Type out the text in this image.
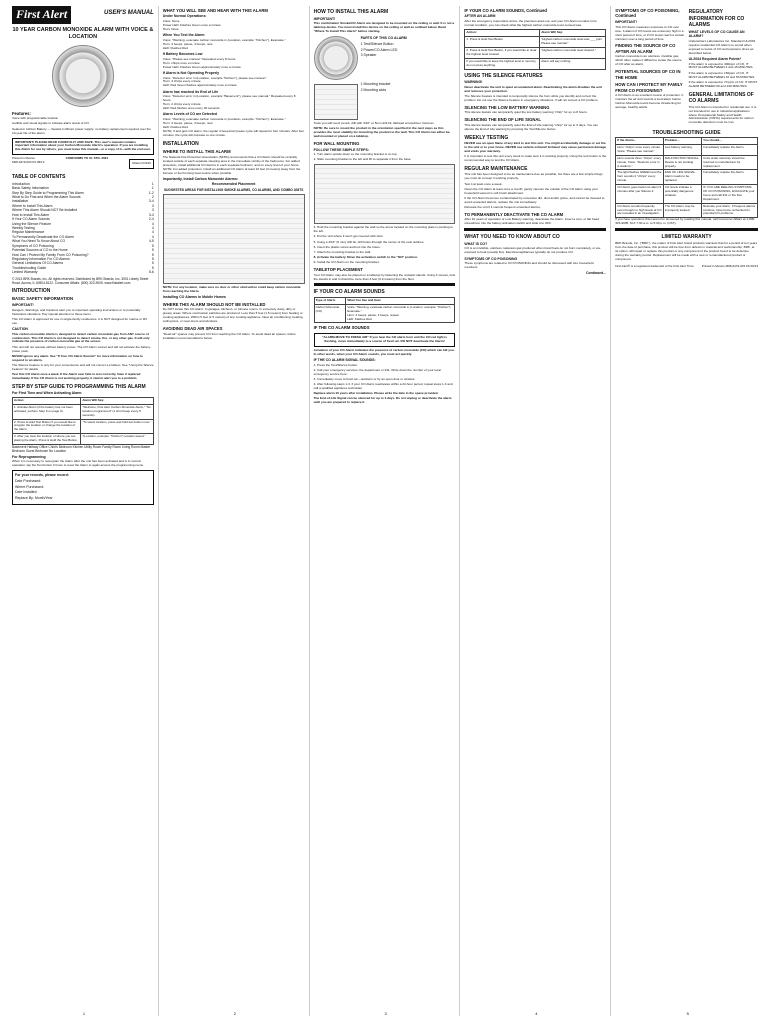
First Alert	USER'S MANUAL
10 YEAR CARBON MONOXIDE ALARM WITH VOICE & LOCATION
Features:

Voice with programmable location

Audible and visual signals to indicate alarm levels of CO

Sealed-in Lithium Battery — Sealed-in lithium power supply; no battery replacement required over the 10-year life of the alarm.

IMPORTANT! PLEASE READ CAREFULLY AND SAVE. This user's manual contains important information about your Carbon Monoxide Alarm's operation. If you are installing this Alarm for use by others, you must leave this manual—or a copy of it—with the end user.
Printed in Mexico
M08-0479-003 K6 09/13
CONFORMS TO UL STD. 2034
Model CO910
TABLE OF CONTENTS
Introduction	1
Basic Safety Information	1
Step By Step Guide to Programming This Alarm	1-2
What to Do First and When the Alarm Sounds	2
Installation	3-4
Where to Install This Alarm	3
Where This Alarm Should NOT Be Installed	3
How to Install This Alarm	3-4
If Your CO Alarm Sounds	2-4
Using the Silence Feature	4
Weekly Testing	4
Regular Maintenance	4
To Permanently Deactivate the CO Alarm	4
What You Need To Know About CO	4-5
Symptoms of CO Poisoning	5
Potential Sources of CO in the Home	5
How Can I Protect My Family From CO Poisoning?	5
Regulatory Information For CO Alarms	5
General Limitations Of CO Alarms	5
Troubleshooting Guide	5
Limited Warranty	5-6

© 2013 BRK Brands, Inc. All rights reserved. Distributed by BRK Brands, Inc. 3901 Liberty Street Road, Aurora, IL 60504-8122. Consumer Affairs: (800) 323-9005. www.firstalert.com

INTRODUCTION
BASIC SAFETY INFORMATION

IMPORTANT!

Dangers, Warnings, and Cautions alert you to important operating instructions or to potentially hazardous situations. Pay special attention to these items.

This CO Alarm is approved for use in single-family residences. It is NOT designed for marine or RV use.

CAUTION

This carbon monoxide Alarm is designed to detect carbon monoxide gas from ANY source of combustion. This CO Alarm is not designed to detect smoke, fire, or any other gas. It will only indicate the presence of carbon monoxide gas at the sensor.

This unit will not operate without battery power. The CO Alarm cannot and will not activate the battery-power pack.

NEVER ignore any alarm. See "If Your CO Alarm Sounds" for more information on how to respond to an alarm.

The Silence Feature is only for your convenience and will not correct a problem. See "Using the Silence Feature" for details.

Test this CO Alarm once a week. If the Alarm ever fails to test correctly, have it replaced immediately. If the CO Alarm is not working properly, it cannot alert you to a problem.

STEP BY STEP GUIDE TO PROGRAMMING THIS ALARM

For First Time and When Activating Alarm

Action:	Alarm Will Say:
1. Activate Alarm (if the battery has not been activated, perform Step 6 on page 3).	"Welcome, First Alert Carbon Monoxide Alarm." "No location programmed" (1 short beep every 5 seconds)
2. Press & Hold Test Button if you would like to program the location or change the location of the Alarm.	"To select location, press and hold test button now."
3. After you hear the location of where you are placing the Alarm, Press & Hold the Test Button.	"(Location, example: "Kitchen") location saved."

Basement Hallway Office Child's Bedroom Kitchen Utility Room Family Room Living Room Master Bedroom Guest Bedroom No Location

For Reprogramming

When it is necessary to reprogram the Alarm after the unit has been activated and is in normal operation: tap the Test button 3 times to reset the Alarm to again access the programming menu.

For your records, please record:

Date Purchased:

Where Purchased:

Date Installed:

Replace By: Month/Year

1
WHAT YOU WILL SEE AND HEAR WITH THIS ALARM

Under Normal Operations:

Voice: None
Power LED: Flashes Green once a minute
Horn: None

When You Test the Alarm

Voice: "Warning, evacuate carbon monoxide in (Location, example: "Kitchen"). Evacuate."
Horn: 4 beeps, pause, 4 beeps, now
LED: Flashes Red

If Battery Becomes Low

Voice: "Please see manual." Repeated every 8 hours.
Horn: chirps once a minute
Power LED: Flashes Green approximately once a minute

If Alarm is Not Operating Properly

Voice: "Detector error in (Location, example "Kitchen"), please see manual."
Horn: 3 chirps every minute
LED: Red Green flashes approximately once a minute

Alarm has reached its End of Life

Voice: "Detector error in (Location, example "Basement"), please see manual." Repeated every 8 hours.
Horn: 2 chirps every minute
LED: Red flashes once every 30 seconds

Alarm Levels of CO are Detected

Voice: "Warning, evacuate carbon monoxide in (Location, example: "Kitchen"). Evacuate."
Horn: 4 beeps, pause, 4 beeps, now
LED: Flashes Red
NOTE: If and gets CO alarm, the regular 4 beep-brief pause cycle will repeat for four minutes. After four minutes, the cycle will increase to one minute.

INSTALLATION
WHERE TO INSTALL THIS ALARM

The National Fire Protection Association (NFPA) recommends that a CO Alarm should be centrally located outside of each separate sleeping area in the immediate vicinity of the bedrooms. For added protection, install additional CO Alarms in each separate bedroom, and on every level of your home.
NOTE: For added protection, install an additional CO Alarm at least 10 feet (3 meters) away from the furnace or fuel burning heat source when possible.

Importantly, Install Carbon Monoxide Alarms:

Recommended Placement

SUGGESTED AREAS FOR INSTALLING SMOKE ALARMS, CO ALARMS, AND COMBO UNITS

NOTE: For any location, make sure no door or other obstruction could keep carbon monoxide from reaching the Alarm.

Installing CO Alarms in Mobile Homes

WHERE THIS ALARM SHOULD NOT BE INSTALLED

Do NOT locate this CO Alarm: In garages, kitchens, or furnace rooms. In extremely dusty, dirty or greasy areas. Where combustion particles are produced. Less than 5 feet (1.5 meters) from heating or cooking appliances. Within 5 feet (1.5 meters) of any cooking appliance. Near air conditioning, heating, ceiling fans, or near doors and windows.

AVOIDING DEAD AIR SPACES

"Dead air" spaces may prevent CO from reaching the CO Alarm. To avoid dead air spaces, follow installation recommendations below.

2
HOW TO INSTALL THIS ALARM

IMPORTANT!

This combination Smoke/CO Alarm are designed to be mounted on the ceiling or wall. It is not a tabletop device. You must install this device on the ceiling or wall as outlined below. Read "Where To Install This Alarm" before starting.

PARTS OF THIS CO ALARM

1 Test/Silence Button

2 Power/CO Alarm LED

3 Speaker

1 Mounting bracket

2 Mounting slots

Tools you will need: pencil, drill with 3/16" or 5mm drill bit, flathead screwdriver, hammer.

NOTE: Be sure to mount the product in the orientation specified in the next steps as this provides the most stability for mounting the product to the wall. This CO Alarm can either be wall mounted or placed on a tabletop.

FOR WALL MOUNTING

FOLLOW THESE SIMPLE STEPS:

1. Turn alarm upside down so the mounting bracket is on top.

2. Slide mounting bracket to the left and lift to separate it from the base.

3. Hold the mounting bracket against the wall so the arrow located on the mounting plate is pointing to the left.

4. Put the unit where it won't get covered with dust.

5. Using a 3/16" (5 mm) drill bit, drill holes through the center of the oval outlines.

6. Insert the plastic screw anchors into the holes.

7. Attach the mounting bracket to the wall.

8. Activate the battery. Move the activation switch to the "ON" position.

9. Install the CO Alarm on the mounting bracket.

TABLETOP PLACEMENT

Your CO Alarm may also be placed on a tabletop by fastening the 4 plastic stands. Using 4 screws, lock the stands in and it should be more than 3 feet (0.9 meters) from the floor.

IF YOUR CO ALARM SOUNDS
Type of Alarm	What You See and Hear
Carbon Monoxide (CO)	Voice: "Warning, evacuate carbon monoxide in (Location, example: "Kitchen"). Evacuate."
Horn: 4 beeps, pause, 4 beeps, repeat.
LED: Flashes Red
IF THE CO ALARM SOUNDS
"ALARM-MOVE TO FRESH AIR" If you hear the CO alarm horn and the CO red light is flashing, move immediately to a source of fresh air. DO NOT deactivate the Alarm!

Actuation of your CO Alarm indicates the presence of carbon monoxide (CO) which can kill you. In other words, when your CO Alarm sounds, you must act quickly.

IF THE CO ALARM SIGNAL SOUNDS:

1. Press the Test/Silence button.

2. Call your emergency services, fire department or 911. Write down the number of your local emergency service here:

3. Immediately move to fresh air—outdoors or by an open door or window.

4. After following steps 1-3, if your CO Alarm reactivates within a 24-hour period, repeat steps 1-3 and call a qualified appliance technician.

Replace alarm 10 years after installation. Please write the date in the space provided.

The End-of-Life Signal can be silenced for up to 3 days. Do not unplug or deactivate the alarm until you are prepared to replace it.

3
IF YOUR CO ALARM SOUNDS, Continued

AFTER AN ALARM

After the emergency responders arrive, the premises aired out, and your CO Alarm remains in its normal condition, you can check what the highest carbon monoxide level sensed was.

Action:	Alarm Will Say:
1. Press & Hold Test Button	"Highest carbon monoxide level was ___ ppm. Please see manual."
2. Press & Hold Test Button, if you would like to clear the highest level instead.	"Highest carbon monoxide level cleared."
If you would like to keep the highest level in memory, do not press anything.	Alarm will say nothing.
USING THE SILENCE FEATURES

WARNING!

Never deactivate the unit to quiet an unwanted alarm. Deactivating the alarm disables the unit and removes your protection.

The Silence Feature is intended to temporarily silence the horn while you identify and correct the problem. Do not use the Silence Feature in emergency situations. It will not correct a CO problem.

SILENCING THE LOW BATTERY WARNING

This silence feature can temporarily quiet the low battery warning "chirp" for up to 8 hours.

SILENCING THE END OF LIFE SIGNAL

This silence feature can temporarily quiet the End of Life warning "chirp" for up to 3 days. You can silence the End of Life warning by pressing the Test/Silence button.

WEEKLY TESTING

NEVER use an open flame of any kind to test this unit. You might accidentally damage or set fire to the unit or to your home. NEVER use vehicle exhaust! Exhaust may cause permanent damage and voids your warranty.

It is important to test this unit every week to make sure it is working properly. Using the test button is the recommended way to test the CO Alarm.

REGULAR MAINTENANCE

This unit has been designed to be as maintenance-free as possible, but there are a few simple things you must do to keep it working properly.

Test it at least once a week.

Clean the CO Alarm at least once a month; gently vacuum the outside of the CO Alarm using your household vacuum's soft brush attachment.

If the CO Alarm becomes contaminated by excessive dirt, dust and/or grime, and cannot be cleaned to avoid unwanted alarms, replace the unit immediately.

Relocate the unit if it sounds frequent unwanted alarms.

TO PERMANENTLY DEACTIVATE THE CO ALARM

After 10 years of operation or Low Battery warning, deactivate the Alarm. Insert a coin, or flat head screwdriver into the battery activation switch and slide it to OFF.

WHAT YOU NEED TO KNOW ABOUT CO

WHAT IS CO?

CO is an invisible, odorless, tasteless gas produced when fossil fuels do not burn completely, or are exposed to heat (usually fire). Electrical appliances typically do not produce CO.

SYMPTOMS OF CO POISONING

These symptoms are related to CO POISONING and should be discussed with ALL household members.

Continued...

4
SYMPTOMS OF CO POISONING, Continued

IMPORTANT!

This CO Alarm measures exposure to CO over time. It alarms if CO levels are extremely high in a short period of time, or if CO levels reach a certain minimum over a long period of time.

FINDING THE SOURCE OF CO AFTER AN ALARM

Carbon monoxide is an odorless, invisible gas, which often makes it difficult to locate the source of CO after an alarm.

POTENTIAL SOURCES OF CO IN THE HOME
HOW CAN I PROTECT MY FAMILY FROM CO POISONING?

A CO Alarm is an excellent means of protection. It monitors the air and sounds a loud alarm before Carbon Monoxide levels become threatening for average, healthy adults.

REGULATORY INFORMATION FOR CO ALARMS

WHAT LEVELS OF CO CAUSE AN ALARM?

Underwriters Laboratories Inc. Standard UL2034 requires residential CO Alarms to sound when exposed to levels of CO and exposure times as described below.

UL2034 Required Alarm Points*

If the alarm is exposed to 400ppm of CO, IT MUST ALARM BETWEEN 4 and 15 MINUTES.

If the alarm is exposed to 150ppm of CO, IT MUST ALARM BETWEEN 10 and 50 MINUTES.

If the alarm is exposed to 70 ppm of CO, IT MUST ALARM BETWEEN 60 and 240 MINUTES.

GENERAL LIMITATIONS OF CO ALARMS

This CO Alarm is intended for residential use. It is not intended for use in industrial applications where Occupational Safety and Health Administration (OSHA) requirements for carbon monoxide detectors must be met.

TROUBLESHOOTING GUIDE
If the Alarm...	Problem...	You should...
Horn "chirps" once every minute. Voice: "Please see manual."	Low battery warning.	Immediately replace the Alarm.
Horn sounds three "chirps" every minute. Voice: "Detector error in (Location)."	MALFUNCTION SIGNAL. Device is not working properly.	Units under warranty should be returned to manufacturer for replacement.
The light flashes GREEN and the horn sounds 2 "chirps" every minute.	END OF LIFE SIGNAL. Alarm needs to be replaced.	Immediately replace the Alarm.
CO Alarm goes back into alarm 6 minutes after you Silence it.	CO levels indicate a potentially dangerous situation.	IF YOU ARE FEELING SYMPTOMS OF CO POISONING, EVACUATE your home and call 911 or the Fire Department.
CO Alarm sounds frequently even though no high levels of CO are revealed in an investigation.	The CO Alarm may be improperly located.	Relocate your Alarm. If frequent alarms continue, have home rechecked for potential CO problems.

If you have questions that cannot be answered by reading this manual, call Consumer Affairs at 1-800-323-9005, M-F 7:30 a.m. to 5:00 p.m. (CST).

LIMITED WARRANTY

BRK Brands, Inc. ("BRK"), the maker of First Alert brand products warrants that for a period of ten years from the date of purchase, this product will be free from defects in material and workmanship. BRK, at its option, will repair or replace this product or any component of the product found to be defective during the warranty period. Replacement will be made with a new or remanufactured product or component.

First Alert® is a registered trademark of the First Alert Trust.	Printed in Mexico M08-0479-003 K6 09/13
5
